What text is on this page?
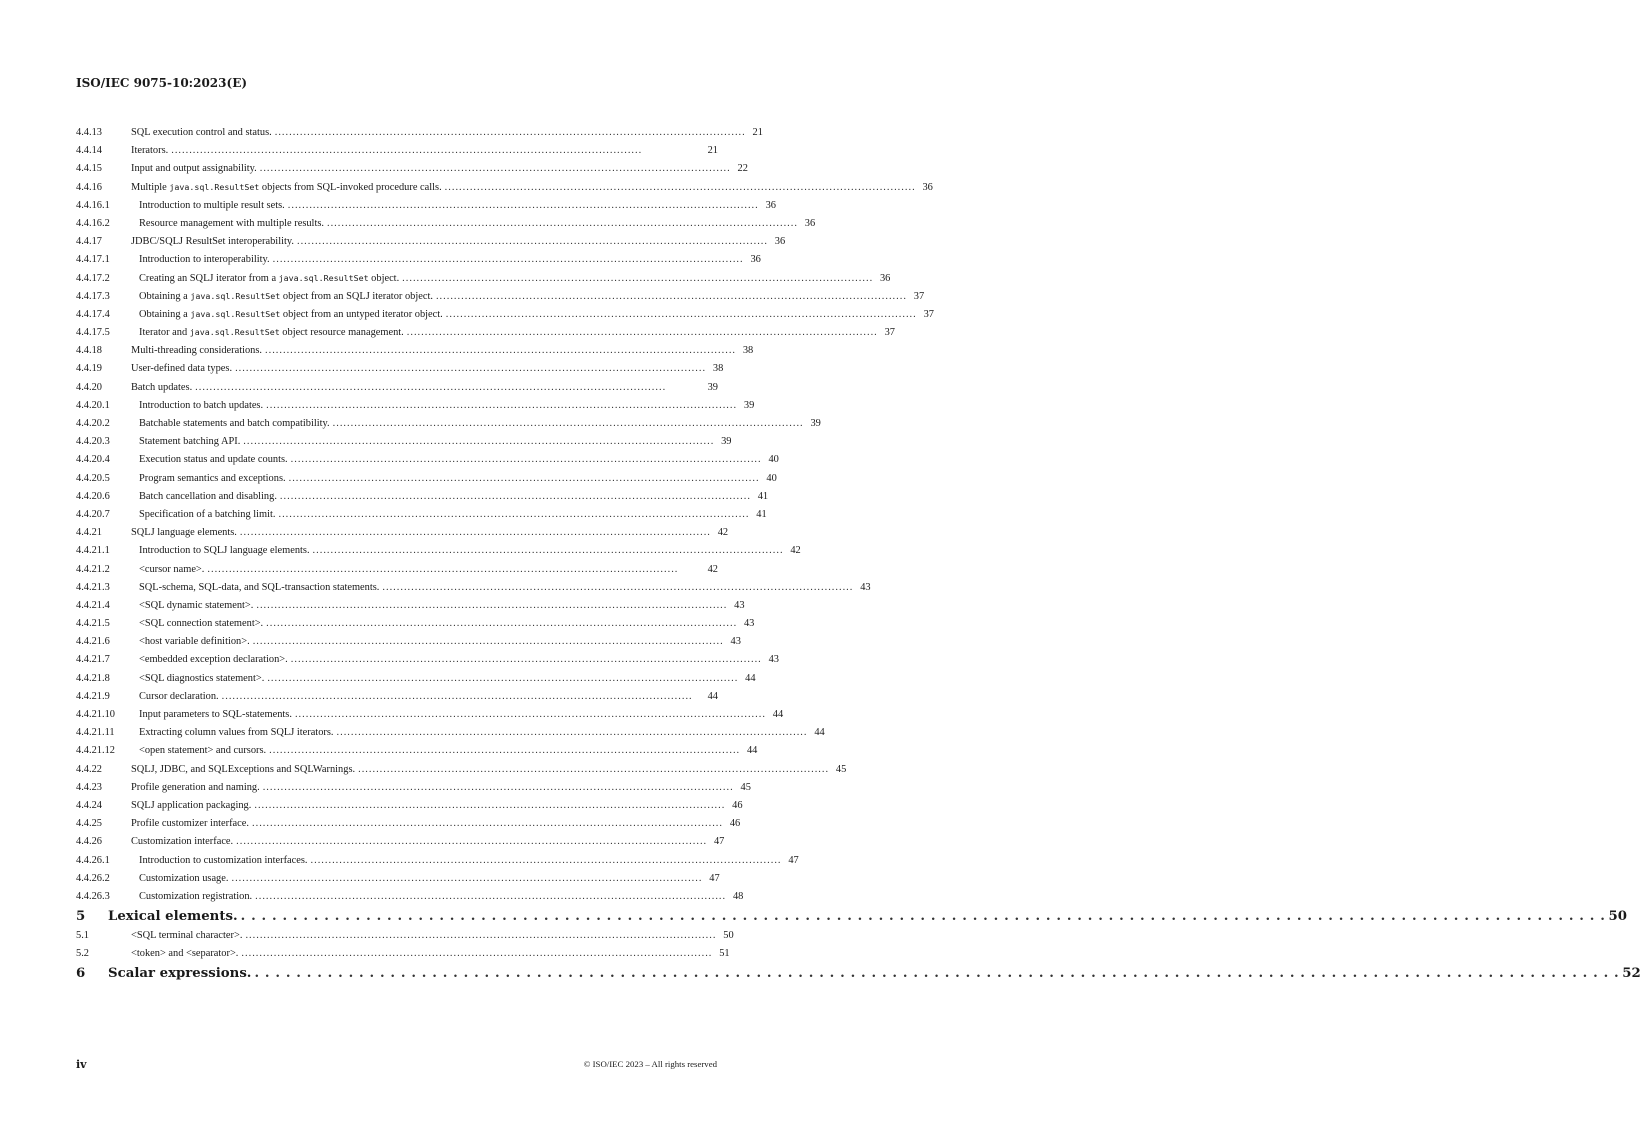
ISO/IEC 9075-10:2023(E)
4.4.13	SQL execution control and status. . . .	21
4.4.14	Iterators. . . .	21
4.4.15	Input and output assignability. . . .	22
4.4.16	Multiple java.sql.ResultSet objects from SQL-invoked procedure calls. . . .	36
4.4.16.1	Introduction to multiple result sets. . . .	36
4.4.16.2	Resource management with multiple results. . . .	36
4.4.17	JDBC/SQLJ ResultSet interoperability. . . .	36
4.4.17.1	Introduction to interoperability. . . .	36
4.4.17.2	Creating an SQLJ iterator from a java.sql.ResultSet object. . . .	36
4.4.17.3	Obtaining a java.sql.ResultSet object from an SQLJ iterator object. . . .	37
4.4.17.4	Obtaining a java.sql.ResultSet object from an untyped iterator object. . . .	37
4.4.17.5	Iterator and java.sql.ResultSet object resource management. . . .	37
4.4.18	Multi-threading considerations. . . .	38
4.4.19	User-defined data types. . . .	38
4.4.20	Batch updates. . . .	39
4.4.20.1	Introduction to batch updates. . . .	39
4.4.20.2	Batchable statements and batch compatibility. . . .	39
4.4.20.3	Statement batching API. . . .	39
4.4.20.4	Execution status and update counts. . . .	40
4.4.20.5	Program semantics and exceptions. . . .	40
4.4.20.6	Batch cancellation and disabling. . . .	41
4.4.20.7	Specification of a batching limit. . . .	41
4.4.21	SQLJ language elements. . . .	42
4.4.21.1	Introduction to SQLJ language elements. . . .	42
4.4.21.2	<cursor name>. . . .	42
4.4.21.3	SQL-schema, SQL-data, and SQL-transaction statements. . . .	43
4.4.21.4	<SQL dynamic statement>. . . .	43
4.4.21.5	<SQL connection statement>. . . .	43
4.4.21.6	<host variable definition>. . . .	43
4.4.21.7	<embedded exception declaration>. . . .	43
4.4.21.8	<SQL diagnostics statement>. . . .	44
4.4.21.9	Cursor declaration. . . .	44
4.4.21.10	Input parameters to SQL-statements. . . .	44
4.4.21.11	Extracting column values from SQLJ iterators. . . .	44
4.4.21.12	<open statement> and cursors. . . .	44
4.4.22	SQLJ, JDBC, and SQLExceptions and SQLWarnings. . . .	45
4.4.23	Profile generation and naming. . . .	45
4.4.24	SQLJ application packaging. . . .	46
4.4.25	Profile customizer interface. . . .	46
4.4.26	Customization interface. . . .	47
4.4.26.1	Introduction to customization interfaces. . . .	47
4.4.26.2	Customization usage. . . .	47
4.4.26.3	Customization registration. . . .	48
5	Lexical elements. . . .	50
5.1	<SQL terminal character>. . . .	50
5.2	<token> and <separator>. . . .	51
6	Scalar expressions. . . .	52
iv	© ISO/IEC 2023 – All rights reserved
